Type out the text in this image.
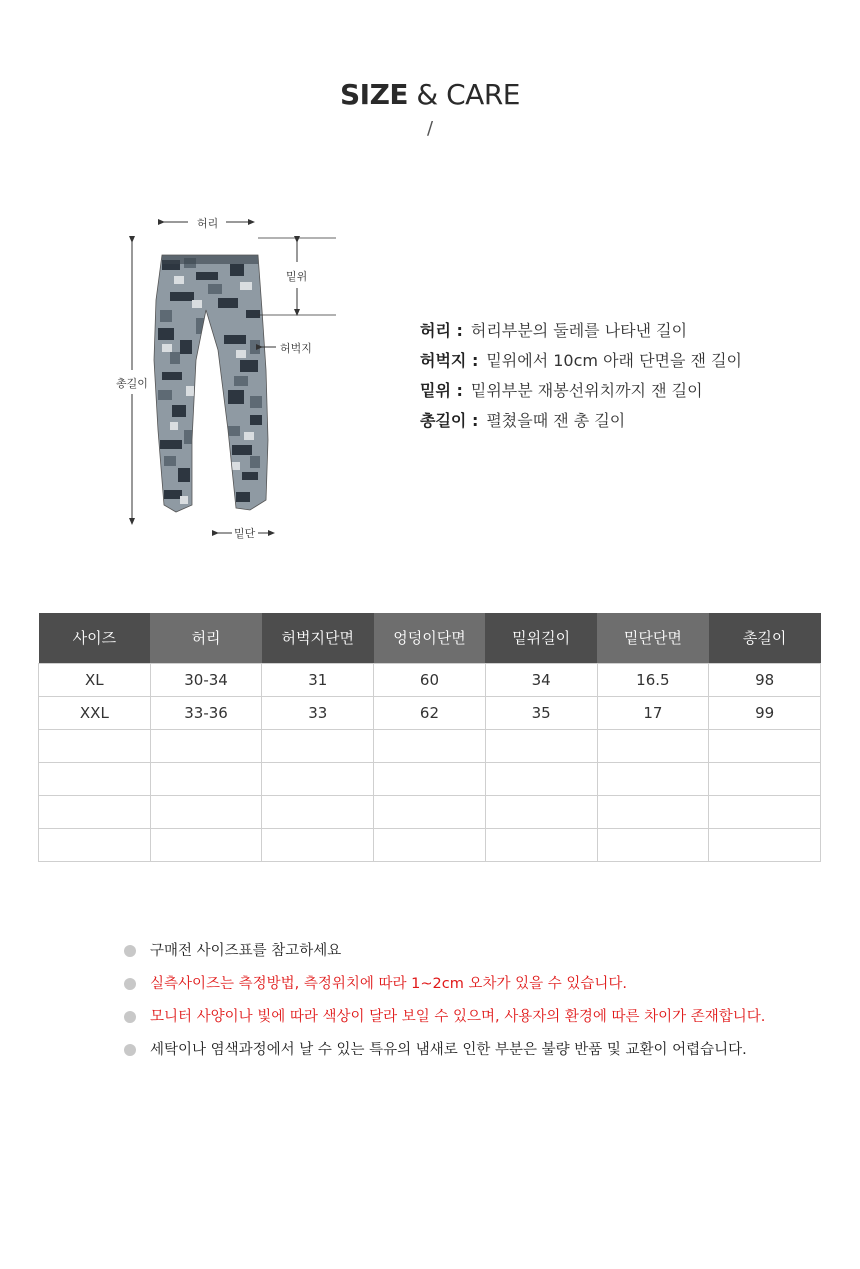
SIZE & CARE
/
허리
밑위
허벅지
총길이
밑단
허리 : 허리부분의 둘레를 나타낸 길이
허벅지 : 밑위에서 10cm 아래 단면을 잰 길이
밑위 : 밑위부분 재봉선위치까지 잰 길이
총길이 : 펼쳤을때 잰 총 길이
사이즈	허리	허벅지단면	엉덩이단면	밑위길이	밑단단면	총길이
XL	30-34	31	60	34	16.5	98
XXL	33-36	33	62	35	17	99

구매전 사이즈표를 참고하세요
실측사이즈는 측정방법, 측정위치에 따라 1~2cm 오차가 있을 수 있습니다.
모니터 사양이나 빛에 따라 색상이 달라 보일 수 있으며, 사용자의 환경에 따른 차이가 존재합니다.
세탁이나 염색과정에서 날 수 있는 특유의 냄새로 인한 부분은 불량 반품 및 교환이 어렵습니다.
